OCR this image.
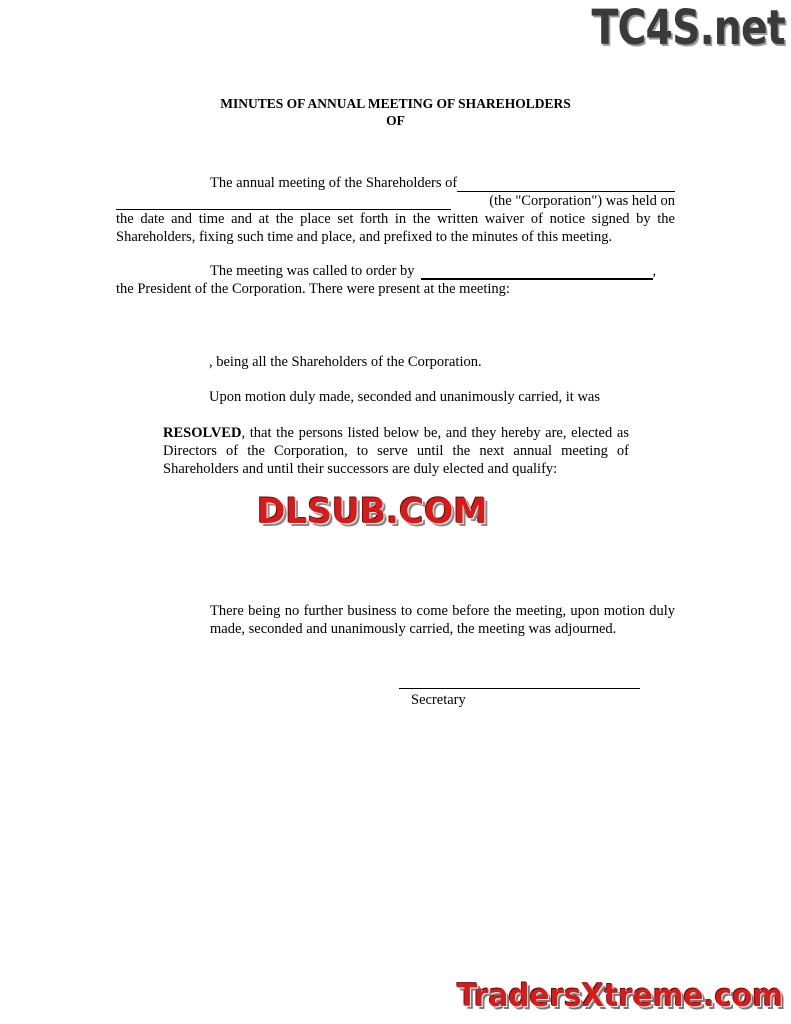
TC4S.net
MINUTES OF ANNUAL MEETING OF SHAREHOLDERS
OF
The annual meeting of the Shareholders of
(the "Corporation") was held on
the date and time and at the place set forth in the written waiver of notice signed by the Shareholders, fixing such time and place, and prefixed to the minutes of this meeting.
The meeting was called to order by	,
the President of the Corporation. There were present at the meeting:
, being all the Shareholders of the Corporation.
Upon motion duly made, seconded and unanimously carried, it was
RESOLVED, that the persons listed below be, and they hereby are, elected as Directors of the Corporation, to serve until the next annual meeting of Shareholders and until their successors are duly elected and qualify:
DLSUB.COM
There being no further business to come before the meeting, upon motion duly made, seconded and unanimously carried, the meeting was adjourned.
Secretary
TradersXtreme.com
